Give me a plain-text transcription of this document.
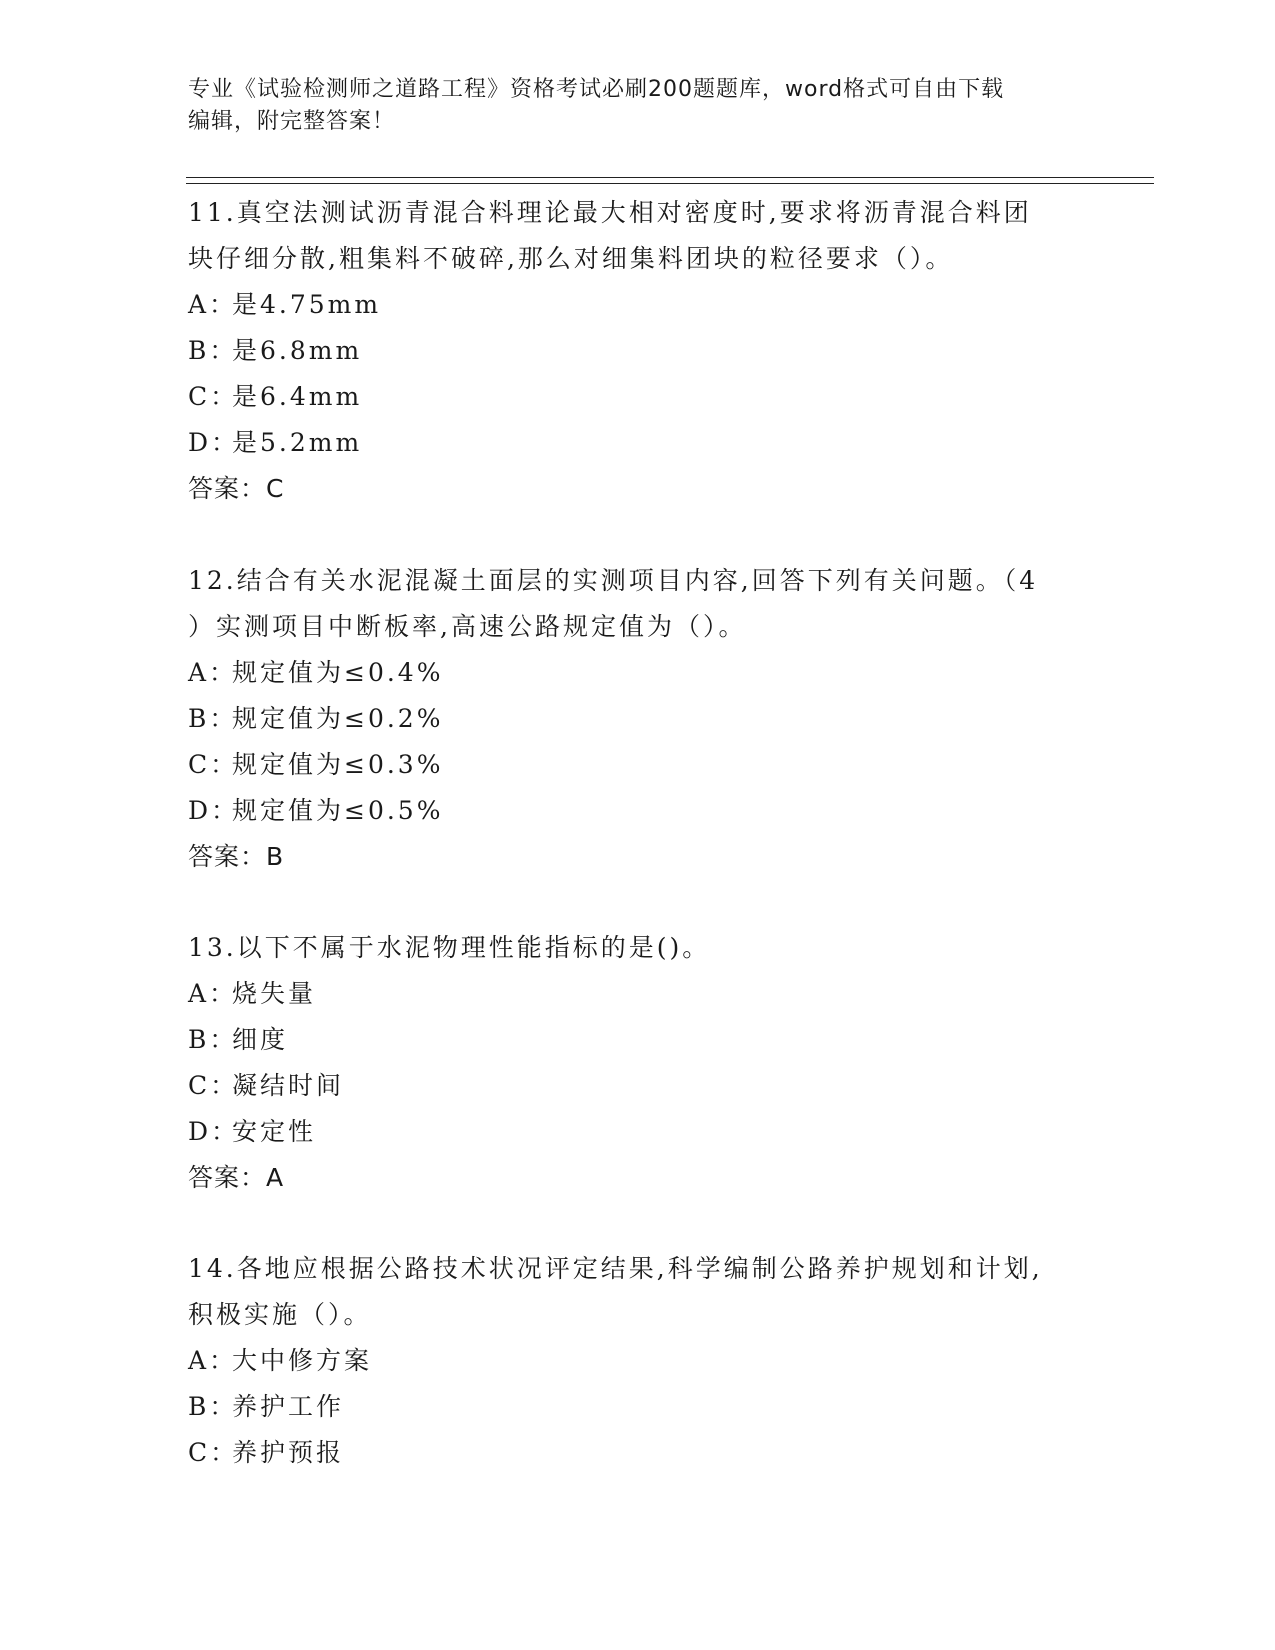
专业《试验检测师之道路工程》资格考试必刷200题题库，word格式可自由下载
编辑，附完整答案！
11.真空法测试沥青混合料理论最大相对密度时,要求将沥青混合料团
块仔细分散,粗集料不破碎,那么对细集料团块的粒径要求（）。
A：是4.75mm
B：是6.8mm
C：是6.4mm
D：是5.2mm
答案：C
12.结合有关水泥混凝土面层的实测项目内容,回答下列有关问题。（4
）实测项目中断板率,高速公路规定值为（）。
A：规定值为≤0.4%
B：规定值为≤0.2%
C：规定值为≤0.3%
D：规定值为≤0.5%
答案：B
13.以下不属于水泥物理性能指标的是()。
A：烧失量
B：细度
C：凝结时间
D：安定性
答案：A
14.各地应根据公路技术状况评定结果,科学编制公路养护规划和计划,
积极实施（）。
A：大中修方案
B：养护工作
C：养护预报
